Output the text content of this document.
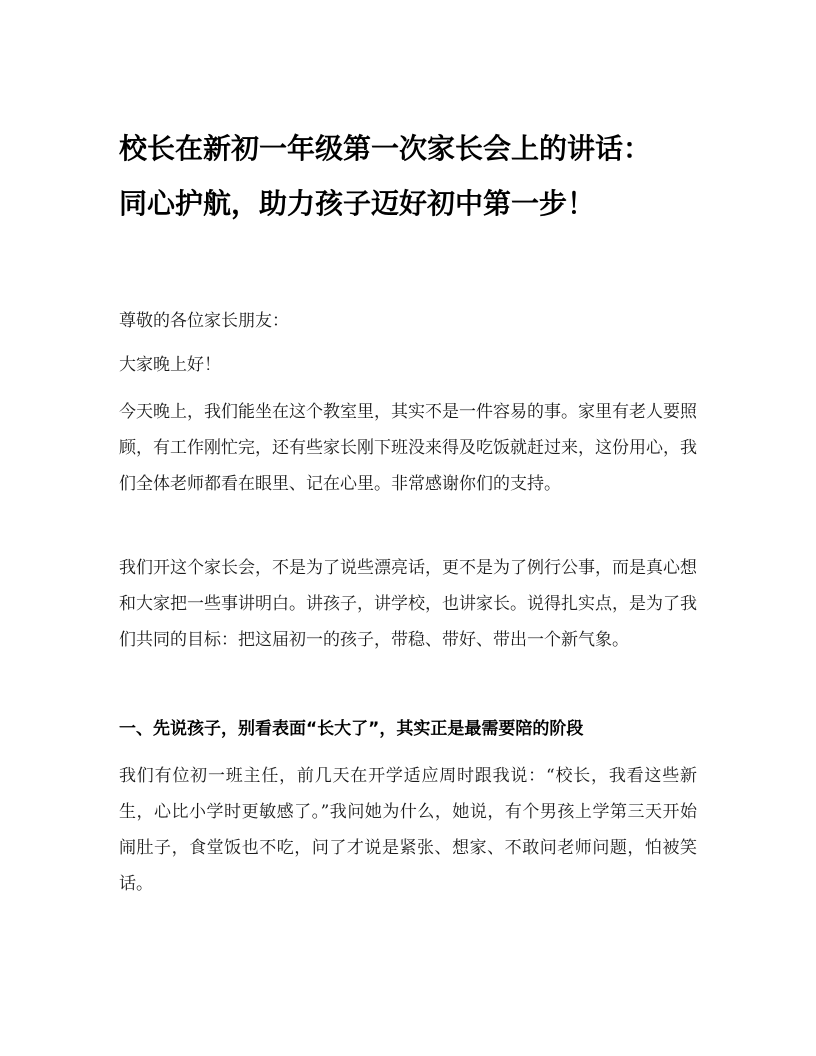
校长在新初一年级第一次家长会上的讲话：
同心护航，助力孩子迈好初中第一步！

尊敬的各位家长朋友：

大家晚上好！

今天晚上，我们能坐在这个教室里，其实不是一件容易的事。家里有老人要照顾，有工作刚忙完，还有些家长刚下班没来得及吃饭就赶过来，这份用心，我们全体老师都看在眼里、记在心里。非常感谢你们的支持。

我们开这个家长会，不是为了说些漂亮话，更不是为了例行公事，而是真心想和大家把一些事讲明白。讲孩子，讲学校，也讲家长。说得扎实点，是为了我们共同的目标：把这届初一的孩子，带稳、带好、带出一个新气象。

一、先说孩子，别看表面“长大了”，其实正是最需要陪的阶段

我们有位初一班主任，前几天在开学适应周时跟我说：“校长，我看这些新生，心比小学时更敏感了。”我问她为什么，她说，有个男孩上学第三天开始闹肚子，食堂饭也不吃，问了才说是紧张、想家、不敢问老师问题，怕被笑话。
